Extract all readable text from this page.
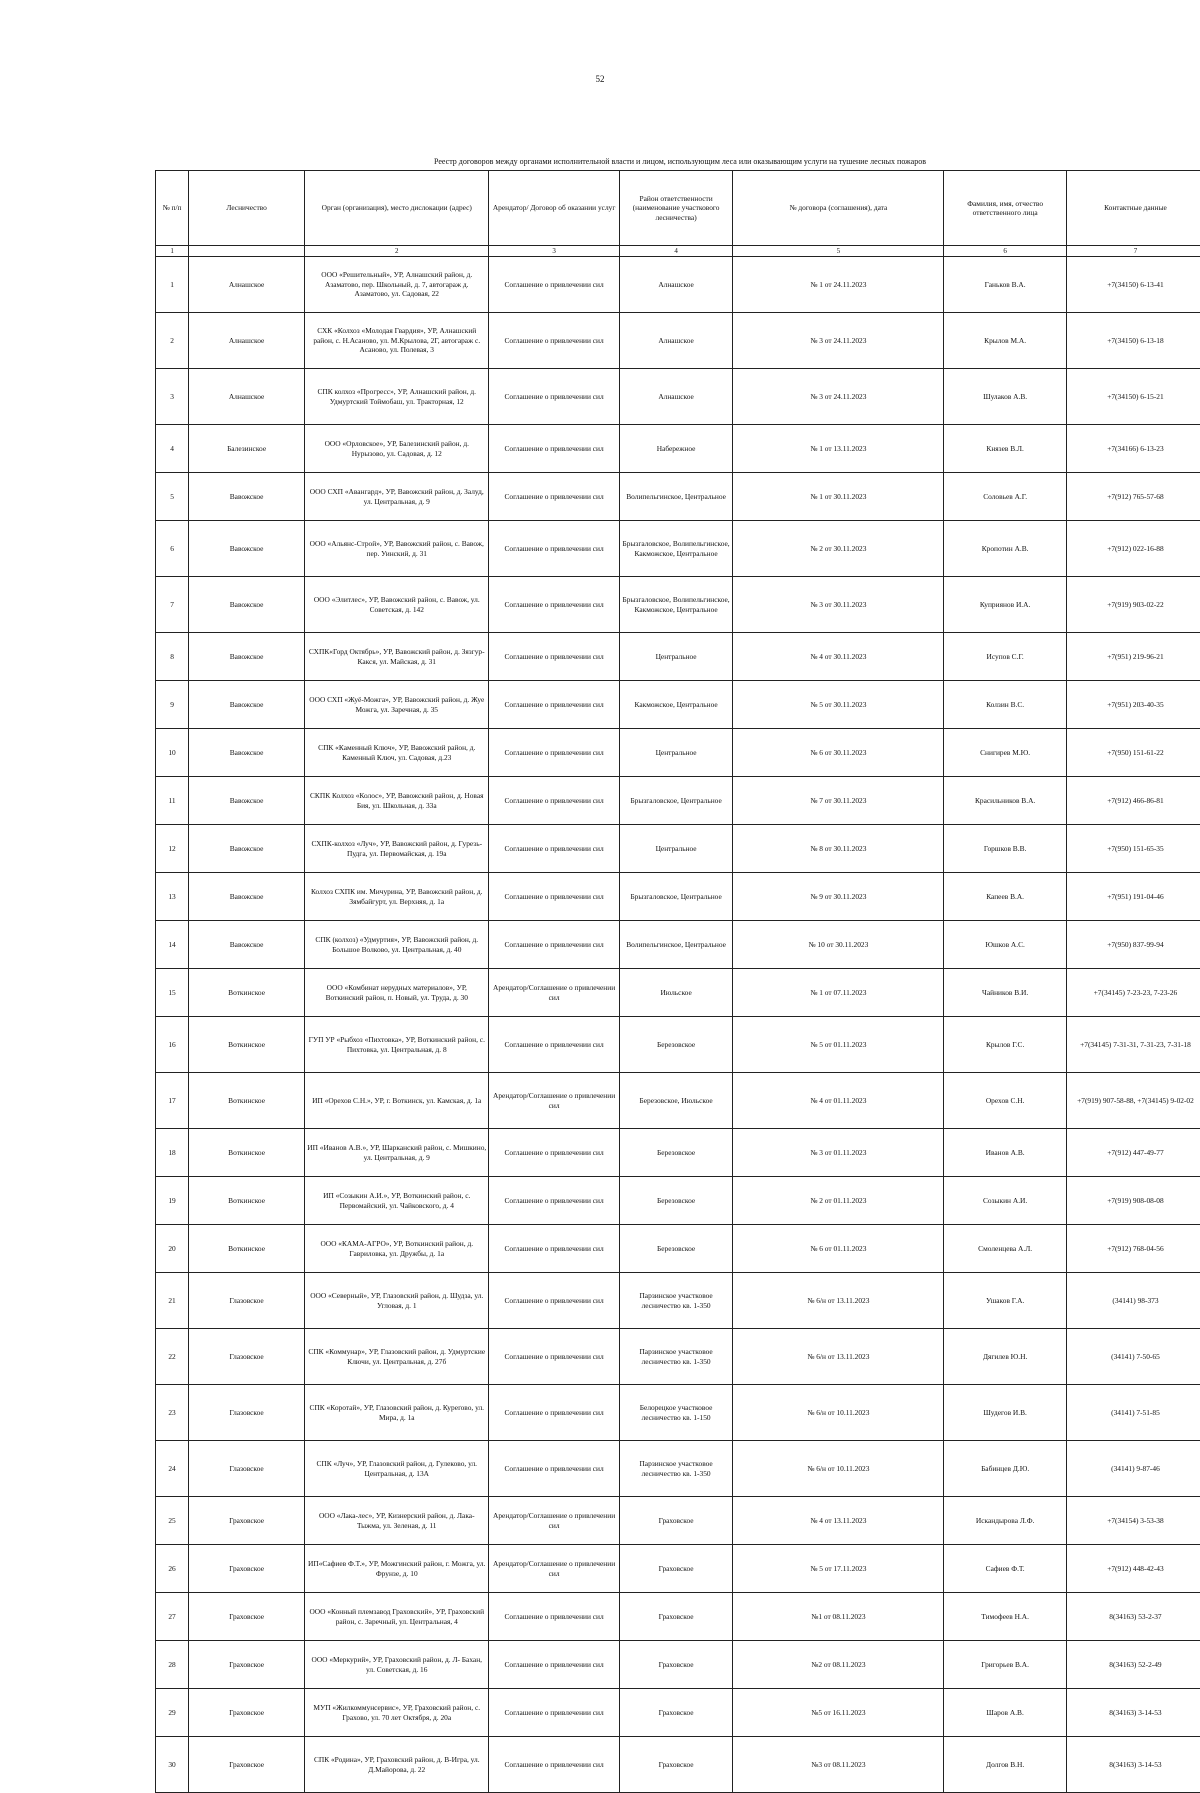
52
Реестр договоров между органами исполнительной власти и лицом, использующим леса или оказывающим услуги на тушение лесных пожаров
№ п/п	Лесничество	Орган (организация), место дислокации (адрес)	Арендатор/ Договор об оказании услуг	Район ответственности (наименование участкового лесничества)	№ договора (соглашения), дата	Фамилия, имя, отчество ответственного лица	Контактные данные
1		2	3	4	5	6	7
1	Алнашское	ООО «Решительный», УР, Алнашский район, д. Азаматово, пер. Школьный, д. 7, автогараж д. Азаматово, ул. Садовая, 22	Соглашение о привлечении сил	Алнашское	№ 1 от 24.11.2023	Ганьков В.А.	+7(34150) 6-13-41
2	Алнашское	СХК «Колхоз «Молодая Гвардия», УР, Алнашский район, с. Н.Асаново, ул. М.Крылова, 2Г, автогараж с. Асаново, ул. Полевая, 3	Соглашение о привлечении сил	Алнашское	№ 3 от 24.11.2023	Крылов М.А.	+7(34150) 6-13-18
3	Алнашское	СПК колхоз «Прогресс», УР, Алнашский район, д. Удмуртский Тоймобаш, ул. Тракторная, 12	Соглашение о привлечении сил	Алнашское	№ 3 от 24.11.2023	Шулаков А.В.	+7(34150) 6-15-21
4	Балезинское	ООО «Орловское», УР, Балезинский район, д. Нурызово, ул. Садовая, д. 12	Соглашение о привлечении сил	Набережное	№ 1 от 13.11.2023	Князев В.Л.	+7(34166) 6-13-23
5	Вавожское	ООО СХП «Авангард», УР, Вавожский район, д. Залуд, ул. Центральная, д. 9	Соглашение о привлечении сил	Волипельгинское, Центральное	№ 1 от 30.11.2023	Соловьев А.Г.	+7(912) 765-57-68
6	Вавожское	ООО «Альянс-Строй», УР, Вавожский район, с. Вавож, пер. Уинский, д. 31	Соглашение о привлечении сил	Брызгаловское, Волипельгинское, Какможское, Центральное	№ 2 от 30.11.2023	Кропотин А.В.	+7(912) 022-16-88
7	Вавожское	ООО «Элитлес», УР, Вавожский район, с. Вавож, ул. Советская, д. 142	Соглашение о привлечении сил	Брызгаловское, Волипельгинское, Какможское, Центральное	№ 3 от 30.11.2023	Куприянов И.А.	+7(919) 903-02-22
8	Вавожское	СХПК«Горд Октябрь», УР, Вавожский район, д. Зязгур-Какся, ул. Майская, д. 31	Соглашение о привлечении сил	Центральное	№ 4 от 30.11.2023	Исупов С.Г.	+7(951) 219-96-21
9	Вавожское	ООО СХП «Жуё-Можга», УР, Вавожский район, д. Жуе Можга, ул. Заречная, д. 35	Соглашение о привлечении сил	Какможское, Центральное	№ 5 от 30.11.2023	Колзин В.С.	+7(951) 203-40-35
10	Вавожское	СПК «Каменный Ключ», УР, Вавожский район, д. Каменный Ключ, ул. Садовая, д.23	Соглашение о привлечении сил	Центральное	№ 6 от 30.11.2023	Снигирев М.Ю.	+7(950) 151-61-22
11	Вавожское	СКПК Колхоз «Колос», УР, Вавожский район, д. Новая Бия, ул. Школьная, д. 33а	Соглашение о привлечении сил	Брызгаловское, Центральное	№ 7 от 30.11.2023	Красильников В.А.	+7(912) 466-86-81
12	Вавожское	СХПК-колхоз «Луч», УР, Вавожский район, д. Гурезь-Пудга, ул. Первомайская, д. 19а	Соглашение о привлечении сил	Центральное	№ 8 от 30.11.2023	Горшков В.В.	+7(950) 151-65-35
13	Вавожское	Колхоз СХПК им. Мичурина, УР, Вавожский район, д. Зямбайгурт, ул. Верхняя, д. 1а	Соглашение о привлечении сил	Брызгаловское, Центральное	№ 9 от 30.11.2023	Капеев В.А.	+7(951) 191-04-46
14	Вавожское	СПК (колхоз) «Удмуртия», УР, Вавожский район, д. Большое Волково, ул. Центральная, д. 40	Соглашение о привлечении сил	Волипельгинское, Центральное	№ 10 от 30.11.2023	Юшков А.С.	+7(950) 837-99-94
15	Воткинское	ООО «Комбинат нерудных материалов», УР, Воткинский район, п. Новый, ул. Труда, д. 30	Арендатор/Соглашение о привлечении сил	Июльское	№ 1 от 07.11.2023	Чайников В.И.	+7(34145) 7-23-23, 7-23-26
16	Воткинское	ГУП УР «Рыбхоз «Пихтовка», УР, Воткинский район, с. Пихтовка, ул. Центральная, д. 8	Соглашение о привлечении сил	Березовское	№ 5 от 01.11.2023	Крылов Г.С.	+7(34145) 7-31-31, 7-31-23, 7-31-18
17	Воткинское	ИП «Орехов С.Н.», УР, г. Воткинск, ул. Камская, д. 1а	Арендатор/Соглашение о привлечении сил	Березовское, Июльское	№ 4 от 01.11.2023	Орехов С.Н.	+7(919) 907-58-88, +7(34145) 9-02-02
18	Воткинское	ИП «Иванов А.В.», УР, Шарканский район, с. Мишкино, ул. Центральная, д. 9	Соглашение о привлечении сил	Березовское	№ 3 от 01.11.2023	Иванов А.В.	+7(912) 447-49-77
19	Воткинское	ИП «Созыкин А.И.», УР, Воткинский район, с. Первомайский, ул. Чайковского, д. 4	Соглашение о привлечении сил	Березовское	№ 2 от 01.11.2023	Созыкин А.И.	+7(919) 908-08-08
20	Воткинское	ООО «КАМА-АГРО», УР, Воткинский район, д. Гавриловка, ул. Дружбы, д. 1а	Соглашение о привлечении сил	Березовское	№ 6 от 01.11.2023	Смоленцева А.Л.	+7(912) 768-04-56
21	Глазовское	ООО «Северный», УР, Глазовский район, д. Шудза, ул. Угловая, д. 1	Соглашение о привлечении сил	Парзинское участковое лесничество кв. 1-350	№ 6/н от 13.11.2023	Ушаков Г.А.	(34141) 98-373
22	Глазовское	СПК «Коммунар», УР, Глазовский район, д. Удмуртские Ключи, ул. Центральная, д. 27б	Соглашение о привлечении сил	Парзинское участковое лесничество кв. 1-350	№ 6/н от 13.11.2023	Дягилев Ю.Н.	(34141) 7-50-65
23	Глазовское	СПК «Коротай», УР, Глазовский район, д. Куреґово, ул. Мира, д. 1а	Соглашение о привлечении сил	Белорецкое участковое лесничество кв. 1-150	№ 6/н от 10.11.2023	Шудегов И.В.	(34141) 7-51-85
24	Глазовское	СПК «Луч», УР, Глазовский район, д. Гулеково, ул. Центральная, д. 13А	Соглашение о привлечении сил	Парзинское участковое лесничество кв. 1-350	№ 6/н от 10.11.2023	Бабинцев Д.Ю.	(34141) 9-87-46
25	Граховское	ООО «Лака-лес», УР, Кизнерский район, д. Лака-Тыжма, ул. Зеленая, д. 11	Арендатор/Соглашение о привлечении сил	Граховское	№ 4 от 13.11.2023	Искандырова Л.Ф.	+7(34154) 3-53-38
26	Граховское	ИП«Сафиев Ф.Т.», УР, Можгинский район, г. Можга, ул. Фрунзе, д. 10	Арендатор/Соглашение о привлечении сил	Граховское	№ 5 от 17.11.2023	Сафиев Ф.Т.	+7(912) 448-42-43
27	Граховское	ООО «Конный племзавод Граховский», УР, Граховский район, с. Заречный, ул. Центральная, 4	Соглашение о привлечении сил	Граховское	№1 от 08.11.2023	Тимофеев Н.А.	8(34163) 53-2-37
28	Граховское	ООО «Меркурий», УР, Граховский район, д. Л- Бахан, ул. Советская, д. 16	Соглашение о привлечении сил	Граховское	№2 от 08.11.2023	Григорьев В.А.	8(34163) 52-2-49
29	Граховское	МУП «Жилкоммунсервис», УР, Граховский район, с. Грахово, ул. 70 лет Октября, д. 20а	Соглашение о привлечении сил	Граховское	№5 от 16.11.2023	Шаров А.В.	8(34163) 3-14-53
30	Граховское	СПК «Родина», УР, Граховский район, д. В-Игра, ул. Д.Майорова, д. 22	Соглашение о привлечении сил	Граховское	№3 от 08.11.2023	Долгов В.Н.	8(34163) 3-14-53
